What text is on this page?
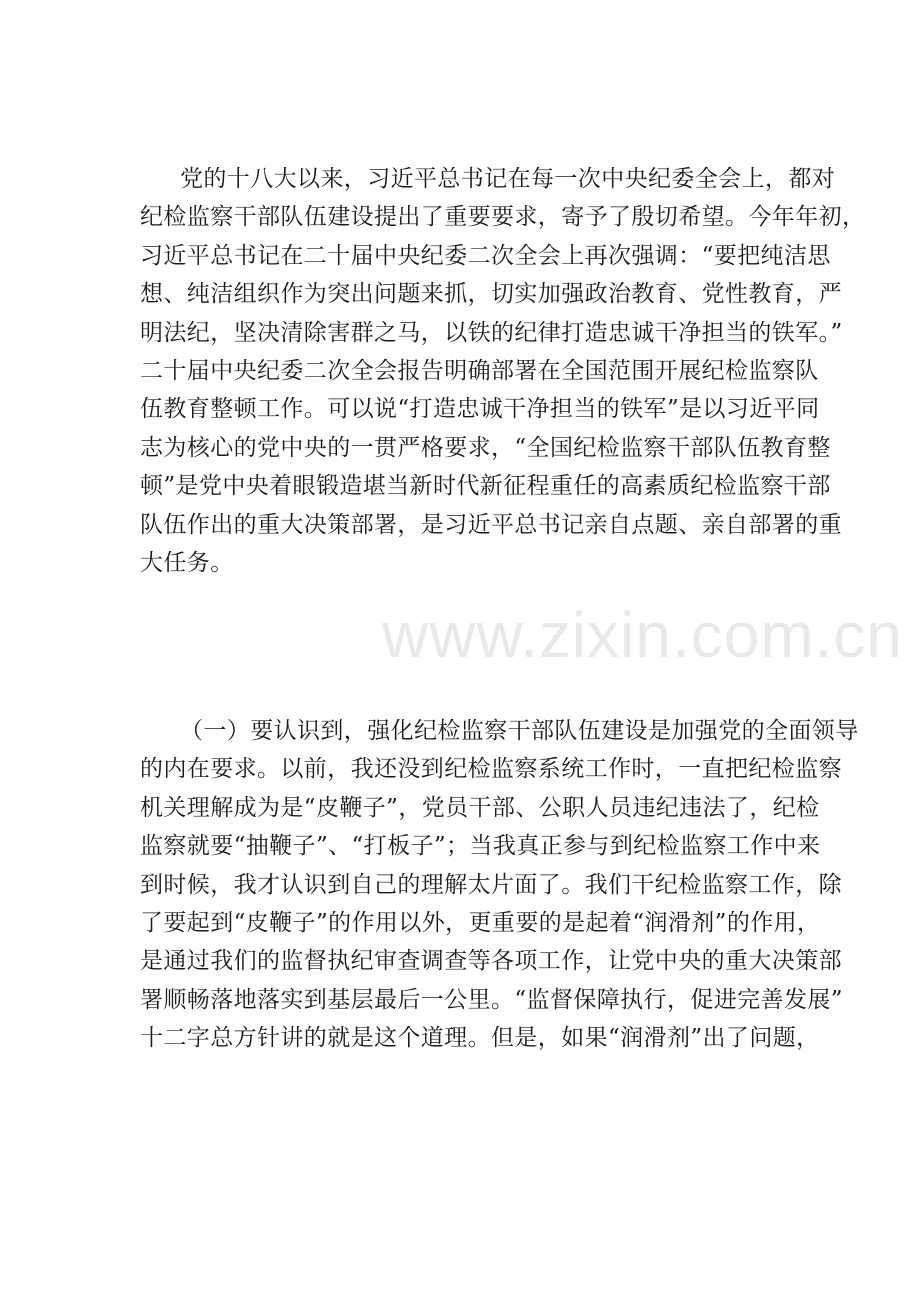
党的十八大以来，习近平总书记在每一次中央纪委全会上，都对
纪检监察干部队伍建设提出了重要要求，寄予了殷切希望。今年年初，
习近平总书记在二十届中央纪委二次全会上再次强调：“要把纯洁思
想、纯洁组织作为突出问题来抓，切实加强政治教育、党性教育，严
明法纪，坚决清除害群之马，以铁的纪律打造忠诚干净担当的铁军。”
二十届中央纪委二次全会报告明确部署在全国范围开展纪检监察队
伍教育整顿工作。可以说“打造忠诚干净担当的铁军”是以习近平同
志为核心的党中央的一贯严格要求，“全国纪检监察干部队伍教育整
顿”是党中央着眼锻造堪当新时代新征程重任的高素质纪检监察干部
队伍作出的重大决策部署，是习近平总书记亲自点题、亲自部署的重
大任务。
（一）要认识到，强化纪检监察干部队伍建设是加强党的全面领导
的内在要求。以前，我还没到纪检监察系统工作时，一直把纪检监察
机关理解成为是“皮鞭子”，党员干部、公职人员违纪违法了，纪检
监察就要“抽鞭子”、“打板子”；当我真正参与到纪检监察工作中来
到时候，我才认识到自己的理解太片面了。我们干纪检监察工作，除
了要起到“皮鞭子”的作用以外，更重要的是起着“润滑剂”的作用，
是通过我们的监督执纪审查调查等各项工作，让党中央的重大决策部
署顺畅落地落实到基层最后一公里。“监督保障执行，促进完善发展”
十二字总方针讲的就是这个道理。但是，如果“润滑剂”出了问题，
www.zixin.com.cn
